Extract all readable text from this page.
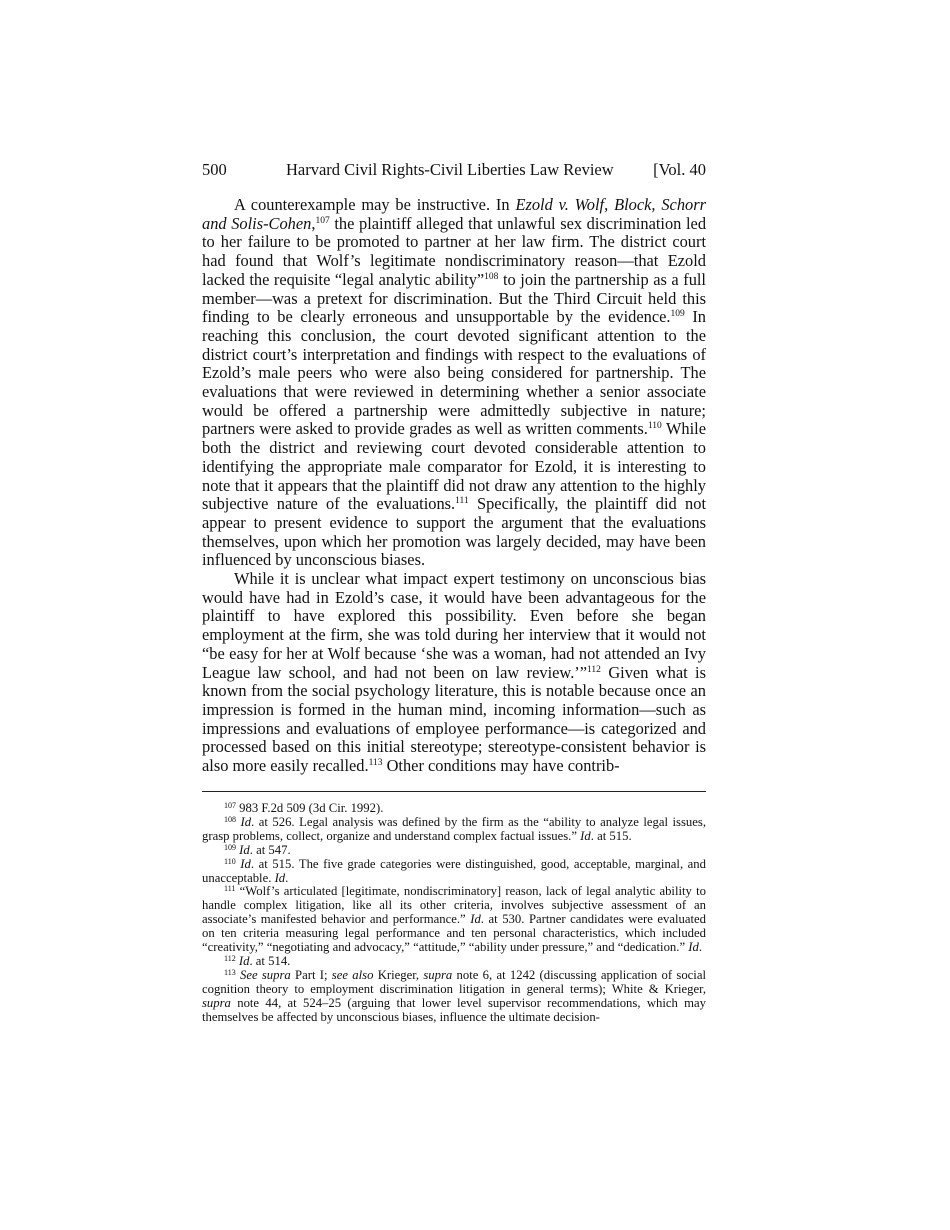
500	Harvard Civil Rights-Civil Liberties Law Review [Vol. 40

A counterexample may be instructive. In Ezold v. Wolf, Block, Schorr and Solis-Cohen,$^{107}$ the plaintiff alleged that unlawful sex discrimination led to her failure to be promoted to partner at her law firm. The district court had found that Wolf’s legitimate nondiscriminatory reason—that Ezold lacked the requisite “legal analytic ability”$^{108}$ to join the partnership as a full member—was a pretext for discrimination. But the Third Circuit held this finding to be clearly erroneous and unsupportable by the evidence.$^{109}$ In reaching this conclusion, the court devoted significant attention to the district court’s interpretation and findings with respect to the evaluations of Ezold’s male peers who were also being considered for partnership. The evaluations that were reviewed in determining whether a senior associate would be offered a partnership were admittedly subjective in nature; partners were asked to provide grades as well as written comments.$^{110}$ While both the district and reviewing court devoted considerable attention to identifying the appropriate male comparator for Ezold, it is interesting to note that it appears that the plaintiff did not draw any attention to the highly subjective nature of the evaluations.$^{111}$ Specifically, the plaintiff did not appear to present evidence to support the argument that the evaluations themselves, upon which her promotion was largely decided, may have been influenced by unconscious biases.

While it is unclear what impact expert testimony on unconscious bias would have had in Ezold’s case, it would have been advantageous for the plaintiff to have explored this possibility. Even before she began employment at the firm, she was told during her interview that it would not “be easy for her at Wolf because ‘she was a woman, had not attended an Ivy League law school, and had not been on law review.’”$^{112}$ Given what is known from the social psychology literature, this is notable because once an impression is formed in the human mind, incoming information—such as impressions and evaluations of employee performance—is categorized and processed based on this initial stereotype; stereotype-consistent behavior is also more easily recalled.$^{113}$ Other conditions may have contrib-

$^{107}$ 983 F.2d 509 (3d Cir. 1992).

$^{108}$ Id. at 526. Legal analysis was defined by the firm as the “ability to analyze legal issues, grasp problems, collect, organize and understand complex factual issues.” Id. at 515.

$^{109}$ Id. at 547.

$^{110}$ Id. at 515. The five grade categories were distinguished, good, acceptable, marginal, and unacceptable. Id.

$^{111}$ “Wolf’s articulated [legitimate, nondiscriminatory] reason, lack of legal analytic ability to handle complex litigation, like all its other criteria, involves subjective assessment of an associate’s manifested behavior and performance.” Id. at 530. Partner candidates were evaluated on ten criteria measuring legal performance and ten personal characteristics, which included “creativity,” “negotiating and advocacy,” “attitude,” “ability under pressure,” and “dedication.” Id.

$^{112}$ Id. at 514.

$^{113}$ See supra Part I; see also Krieger, supra note 6, at 1242 (discussing application of social cognition theory to employment discrimination litigation in general terms); White & Krieger, supra note 44, at 524–25 (arguing that lower level supervisor recommendations, which may themselves be affected by unconscious biases, influence the ultimate decision-
